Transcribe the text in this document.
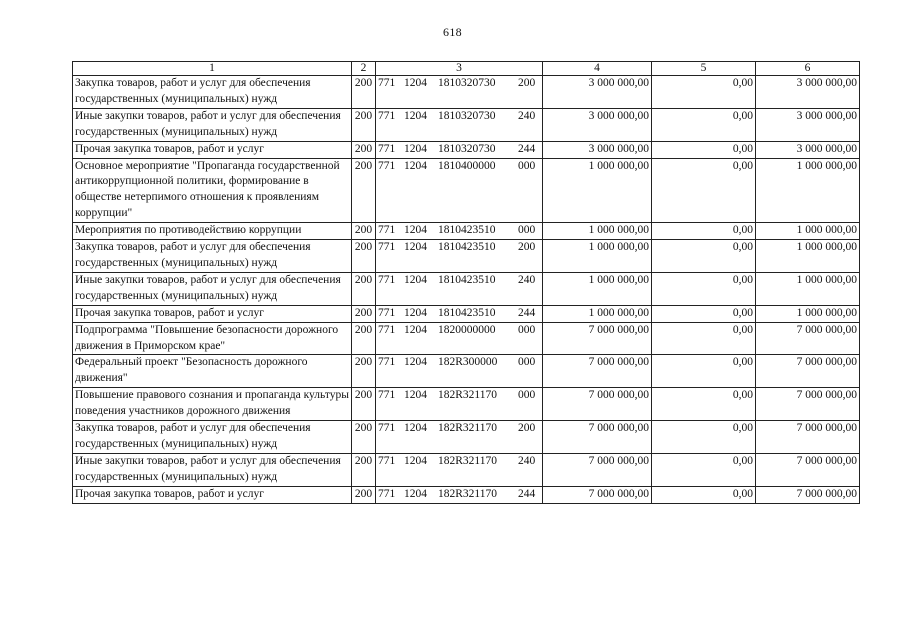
618
1	2	3	4	5	6
Закупка товаров, работ и услуг для обеспечения государственных (муниципальных) нужд	200	771 1204 1810320730 200	3 000 000,00	0,00	3 000 000,00
Иные закупки товаров, работ и услуг для обеспечения государственных (муниципальных) нужд	200	771 1204 1810320730 240	3 000 000,00	0,00	3 000 000,00
Прочая закупка товаров, работ и услуг	200	771 1204 1810320730 244	3 000 000,00	0,00	3 000 000,00
Основное мероприятие "Пропаганда государственной антикоррупционной политики, формирование в обществе нетерпимого отношения к проявлениям коррупции"	200	771 1204 1810400000 000	1 000 000,00	0,00	1 000 000,00
Мероприятия по противодействию коррупции	200	771 1204 1810423510 000	1 000 000,00	0,00	1 000 000,00
Закупка товаров, работ и услуг для обеспечения государственных (муниципальных) нужд	200	771 1204 1810423510 200	1 000 000,00	0,00	1 000 000,00
Иные закупки товаров, работ и услуг для обеспечения государственных (муниципальных) нужд	200	771 1204 1810423510 240	1 000 000,00	0,00	1 000 000,00
Прочая закупка товаров, работ и услуг	200	771 1204 1810423510 244	1 000 000,00	0,00	1 000 000,00
Подпрограмма "Повышение безопасности дорожного движения в Приморском крае"	200	771 1204 1820000000 000	7 000 000,00	0,00	7 000 000,00
Федеральный проект "Безопасность дорожного движения"	200	771 1204 182R300000 000	7 000 000,00	0,00	7 000 000,00
Повышение правового сознания и пропаганда культуры поведения участников дорожного движения	200	771 1204 182R321170 000	7 000 000,00	0,00	7 000 000,00
Закупка товаров, работ и услуг для обеспечения государственных (муниципальных) нужд	200	771 1204 182R321170 200	7 000 000,00	0,00	7 000 000,00
Иные закупки товаров, работ и услуг для обеспечения государственных (муниципальных) нужд	200	771 1204 182R321170 240	7 000 000,00	0,00	7 000 000,00
Прочая закупка товаров, работ и услуг	200	771 1204 182R321170 244	7 000 000,00	0,00	7 000 000,00
